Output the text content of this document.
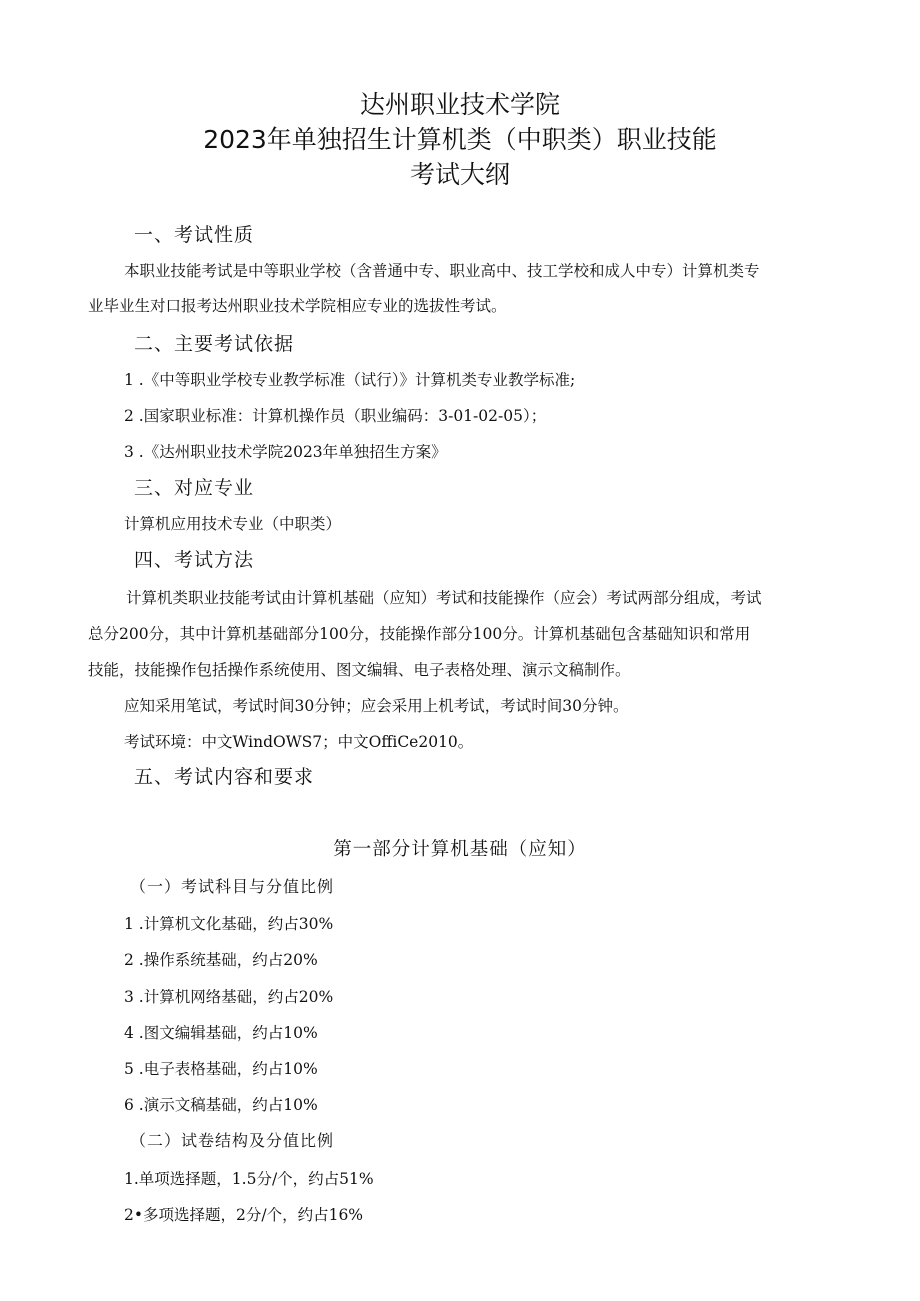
达州职业技术学院
2023年单独招生计算机类（中职类）职业技能
考试大纲
一、考试性质
本职业技能考试是中等职业学校（含普通中专、职业高中、技工学校和成人中专）计算机类专
业毕业生对口报考达州职业技术学院相应专业的选拔性考试。
二、主要考试依据
1 .《中等职业学校专业教学标准（试行）》计算机类专业教学标准;
2 .国家职业标准：计算机操作员（职业编码：3-01-02-05）；
3 .《达州职业技术学院2023年单独招生方案》
三、对应专业
计算机应用技术专业（中职类）
四、考试方法
计算机类职业技能考试由计算机基础（应知）考试和技能操作（应会）考试两部分组成，考试
总分200分，其中计算机基础部分100分，技能操作部分100分。计算机基础包含基础知识和常用
技能，技能操作包括操作系统使用、图文编辑、电子表格处理、演示文稿制作。
应知采用笔试，考试时间30分钟；应会采用上机考试，考试时间30分钟。
考试环境：中文WindOWS7；中文OffiCe2010。
五、考试内容和要求
第一部分计算机基础（应知）
（一）考试科目与分值比例
1 .计算机文化基础，约占30%
2 .操作系统基础，约占20%
3 .计算机网络基础，约占20%
4 .图文编辑基础，约占10%
5 .电子表格基础，约占10%
6 .演示文稿基础，约占10%
（二）试卷结构及分值比例
1.单项选择题，1.5分/个，约占51%
2•多项选择题，2分/个，约占16%
